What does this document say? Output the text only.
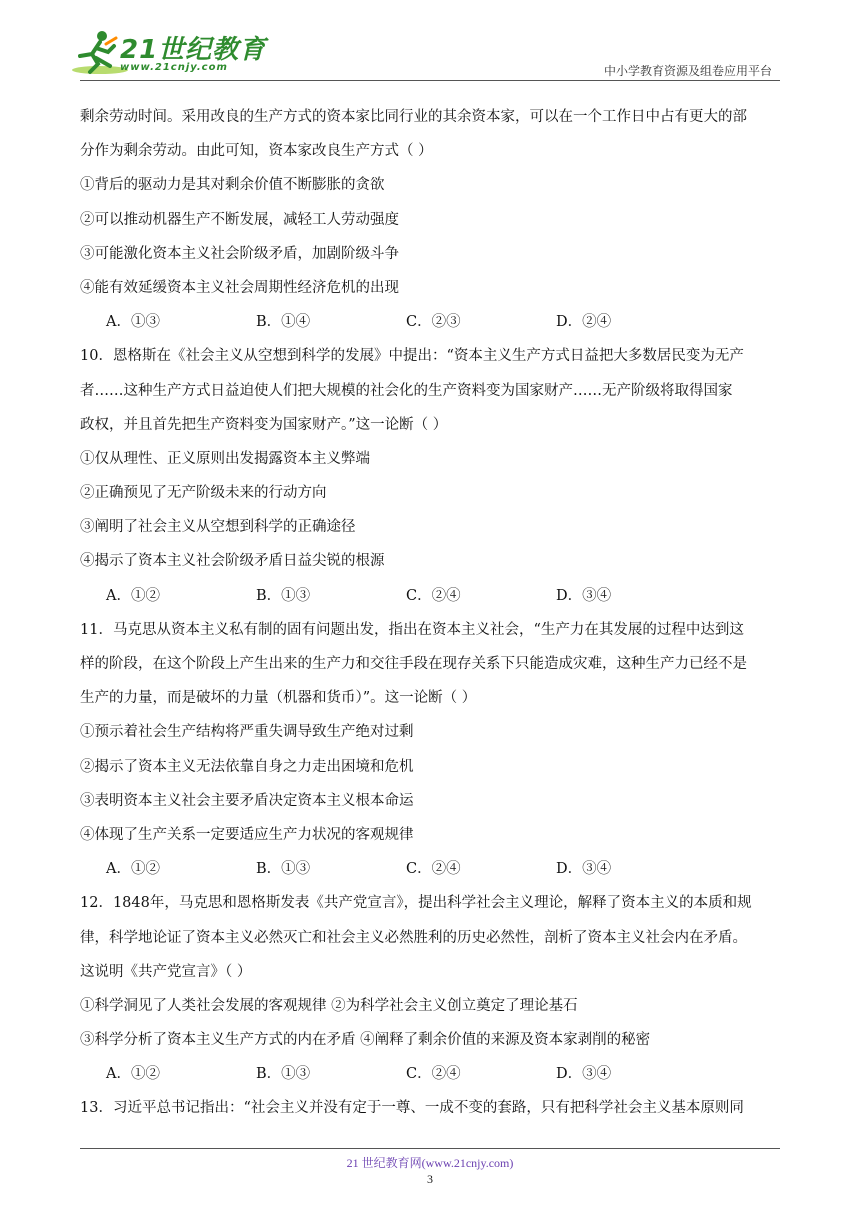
21世纪教育
www.21cnjy.com	中小学教育资源及组卷应用平台
剩余劳动时间。采用改良的生产方式的资本家比同行业的其余资本家，可以在一个工作日中占有更大的部
分作为剩余劳动。由此可知，资本家改良生产方式（ ）
①背后的驱动力是其对剩余价值不断膨胀的贪欲
②可以推动机器生产不断发展，减轻工人劳动强度
③可能激化资本主义社会阶级矛盾，加剧阶级斗争
④能有效延缓资本主义社会周期性经济危机的出现
A．①③	B．①④	C．②③	D．②④
10．恩格斯在《社会主义从空想到科学的发展》中提出：“资本主义生产方式日益把大多数居民变为无产
者……这种生产方式日益迫使人们把大规模的社会化的生产资料变为国家财产……无产阶级将取得国家
政权，并且首先把生产资料变为国家财产。”这一论断（ ）
①仅从理性、正义原则出发揭露资本主义弊端
②正确预见了无产阶级未来的行动方向
③阐明了社会主义从空想到科学的正确途径
④揭示了资本主义社会阶级矛盾日益尖锐的根源
A．①②	B．①③	C．②④	D．③④
11．马克思从资本主义私有制的固有问题出发，指出在资本主义社会，“生产力在其发展的过程中达到这
样的阶段，在这个阶段上产生出来的生产力和交往手段在现存关系下只能造成灾难，这种生产力已经不是
生产的力量，而是破坏的力量（机器和货币）”。这一论断（ ）
①预示着社会生产结构将严重失调导致生产绝对过剩
②揭示了资本主义无法依靠自身之力走出困境和危机
③表明资本主义社会主要矛盾决定资本主义根本命运
④体现了生产关系一定要适应生产力状况的客观规律
A．①②	B．①③	C．②④	D．③④
12．1848年，马克思和恩格斯发表《共产党宣言》，提出科学社会主义理论，解释了资本主义的本质和规
律，科学地论证了资本主义必然灭亡和社会主义必然胜利的历史必然性，剖析了资本主义社会内在矛盾。
这说明《共产党宣言》（ ）
①科学洞见了人类社会发展的客观规律 ②为科学社会主义创立奠定了理论基石
③科学分析了资本主义生产方式的内在矛盾 ④阐释了剩余价值的来源及资本家剥削的秘密
A．①②	B．①③	C．②④	D．③④
13．习近平总书记指出：“社会主义并没有定于一尊、一成不变的套路，只有把科学社会主义基本原则同
21 世纪教育网(www.21cnjy.com)
3
